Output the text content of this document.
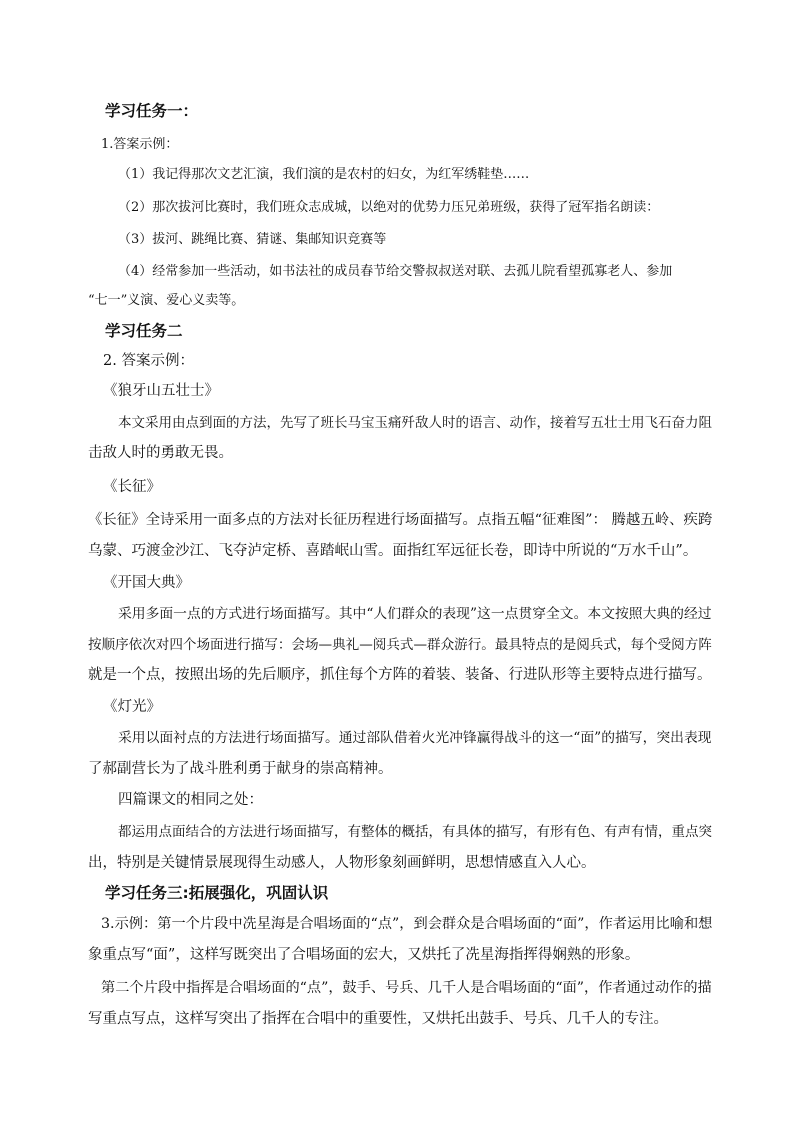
学习任务一：
1.答案示例：
（1）我记得那次文艺汇演，我们演的是农村的妇女，为红军绣鞋垫……
（2）那次拔河比赛时，我们班众志成城，以绝对的优势力压兄弟班级，获得了冠军指名朗读：
（3）拔河、跳绳比赛、猜谜、集邮知识竞赛等
（4）经常参加一些活动，如书法社的成员春节给交警叔叔送对联、去孤儿院看望孤寡老人、参加
“七一”义演、爱心义卖等。
学习任务二
2. 答案示例：
《狼牙山五壮士》
本文采用由点到面的方法，先写了班长马宝玉痛歼敌人时的语言、动作，接着写五壮士用飞石奋力阻
击敌人时的勇敢无畏。
《长征》
《长征》全诗采用一面多点的方法对长征历程进行场面描写。点指五幅“征难图”： 腾越五岭、疾跨
乌蒙、巧渡金沙江、飞夺泸定桥、喜踏岷山雪。面指红军远征长卷，即诗中所说的“万水千山”。
《开国大典》
采用多面一点的方式进行场面描写。其中“人们群众的表现”这一点贯穿全文。本文按照大典的经过
按顺序依次对四个场面进行描写：会场—典礼—阅兵式—群众游行。最具特点的是阅兵式，每个受阅方阵
就是一个点，按照出场的先后顺序，抓住每个方阵的着装、装备、行进队形等主要特点进行描写。
《灯光》
采用以面衬点的方法进行场面描写。通过部队借着火光冲锋赢得战斗的这一“面”的描写，突出表现
了郝副营长为了战斗胜利勇于献身的崇高精神。
四篇课文的相同之处：
都运用点面结合的方法进行场面描写，有整体的概括，有具体的描写，有形有色、有声有情，重点突
出，特别是关键情景展现得生动感人，人物形象刻画鲜明，思想情感直入人心。
学习任务三:拓展强化，巩固认识
3.示例：第一个片段中冼星海是合唱场面的“点”，到会群众是合唱场面的“面”，作者运用比喻和想
象重点写“面”，这样写既突出了合唱场面的宏大，又烘托了冼星海指挥得娴熟的形象。
第二个片段中指挥是合唱场面的“点”，鼓手、号兵、几千人是合唱场面的“面”，作者通过动作的描
写重点写点，这样写突出了指挥在合唱中的重要性，又烘托出鼓手、号兵、几千人的专注。
